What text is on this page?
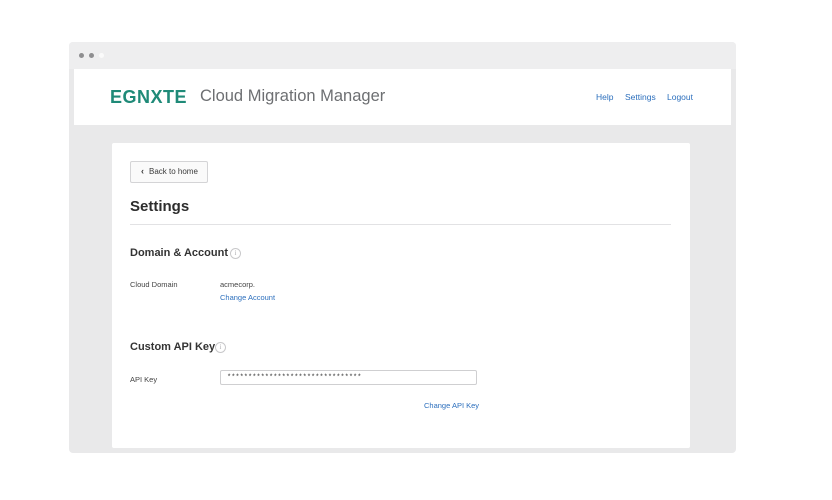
EGNXTE Cloud Migration Manager	Help Settings Logout
‹ Back to home
Settings
Domain & Account i
Cloud Domain	acmecorp.
Change Account
Custom API Key i
API Key	********************************
Change API Key
